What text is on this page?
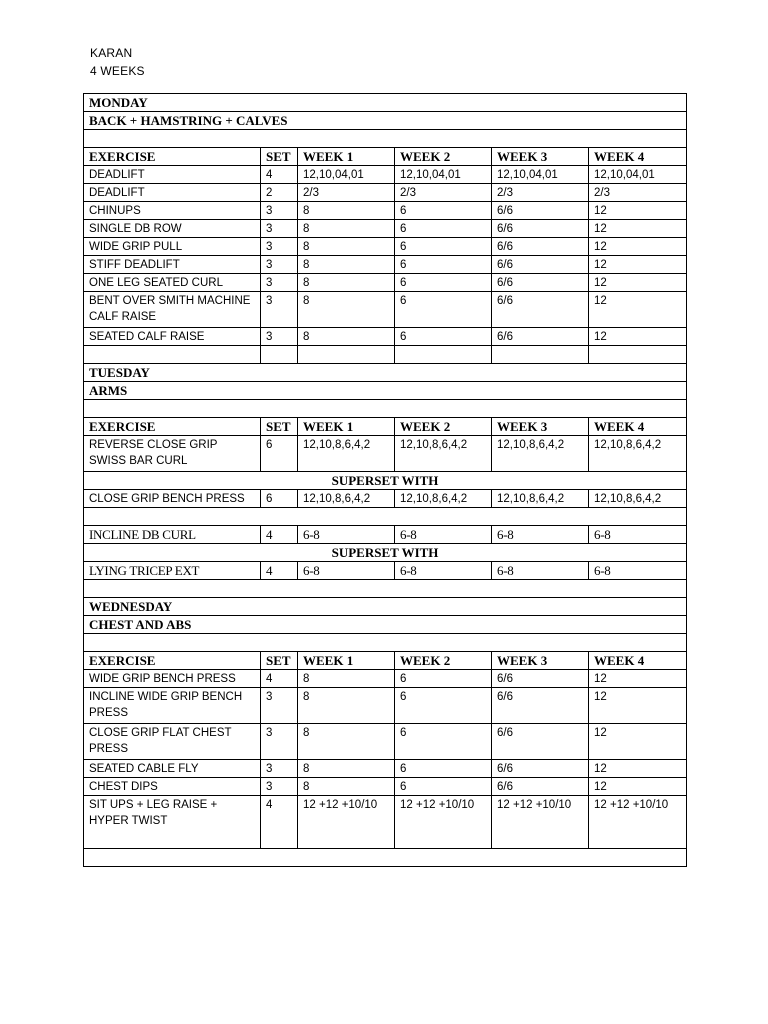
KARAN
4 WEEKS
MONDAY					
BACK + HAMSTRING + CALVES					

EXERCISE	SET	WEEK 1	WEEK 2	WEEK 3	WEEK 4
DEADLIFT	4	12,10,04,01	12,10,04,01	12,10,04,01	12,10,04,01
DEADLIFT	2	2/3	2/3	2/3	2/3
CHINUPS	3	8	6	6/6	12
SINGLE DB ROW	3	8	6	6/6	12
WIDE GRIP PULL	3	8	6	6/6	12
STIFF DEADLIFT	3	8	6	6/6	12
ONE LEG SEATED CURL	3	8	6	6/6	12
BENT OVER SMITH MACHINE CALF RAISE	3	8	6	6/6	12
SEATED CALF RAISE	3	8	6	6/6	12

TUESDAY					
ARMS					

EXERCISE	SET	WEEK 1	WEEK 2	WEEK 3	WEEK 4
REVERSE CLOSE GRIP SWISS BAR CURL	6	12,10,8,6,4,2	12,10,8,6,4,2	12,10,8,6,4,2	12,10,8,6,4,2
SUPERSET WITH					
CLOSE GRIP BENCH PRESS	6	12,10,8,6,4,2	12,10,8,6,4,2	12,10,8,6,4,2	12,10,8,6,4,2

INCLINE DB CURL	4	6-8	6-8	6-8	6-8
SUPERSET WITH					
LYING TRICEP EXT	4	6-8	6-8	6-8	6-8

WEDNESDAY					
CHEST AND ABS					

EXERCISE	SET	WEEK 1	WEEK 2	WEEK 3	WEEK 4
WIDE GRIP BENCH PRESS	4	8	6	6/6	12
INCLINE WIDE GRIP BENCH PRESS	3	8	6	6/6	12
CLOSE GRIP FLAT CHEST PRESS	3	8	6	6/6	12
SEATED CABLE FLY	3	8	6	6/6	12
CHEST DIPS	3	8	6	6/6	12
SIT UPS + LEG RAISE + HYPER TWIST	4	12 +12 +10/10	12 +12 +10/10	12 +12 +10/10	12 +12 +10/10
